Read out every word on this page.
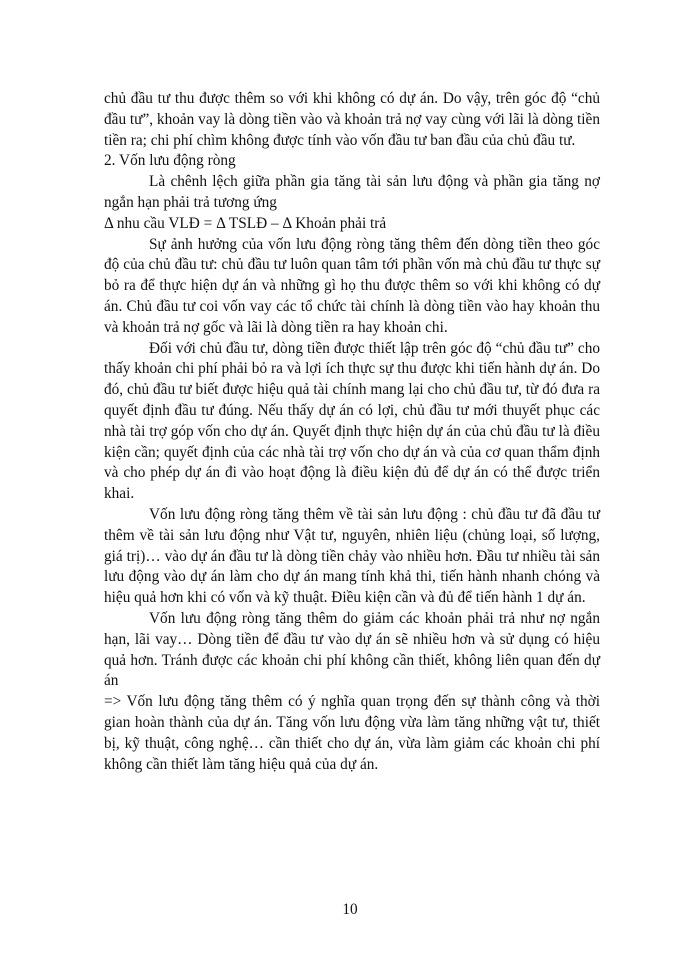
chủ đầu tư thu được thêm so với khi không có dự án. Do vậy, trên góc độ “chủ đầu tư”, khoản vay là dòng tiền vào và khoản trả nợ vay cùng với lãi là dòng tiền tiền ra; chi phí chìm không được tính vào vốn đầu tư ban đầu của chủ đầu tư.

2. Vốn lưu động ròng

Là chênh lệch giữa phần gia tăng tài sản lưu động và phần gia tăng nợ ngắn hạn phải trả tương ứng

Δ nhu cầu VLĐ = Δ TSLĐ – Δ Khoản phải trả

Sự ảnh hưởng của vốn lưu động ròng tăng thêm đến dòng tiền theo góc độ của chủ đầu tư: chủ đầu tư luôn quan tâm tới phần vốn mà chủ đầu tư thực sự bỏ ra để thực hiện dự án và những gì họ thu được thêm so với khi không có dự án. Chủ đầu tư coi vốn vay các tổ chức tài chính là dòng tiền vào hay khoản thu và khoản trả nợ gốc và lãi là dòng tiền ra hay khoản chi.

Đối với chủ đầu tư, dòng tiền được thiết lập trên góc độ “chủ đầu tư” cho thấy khoản chi phí phải bỏ ra và lợi ích thực sự thu được khi tiến hành dự án. Do đó, chủ đầu tư biết được hiệu quả tài chính mang lại cho chủ đầu tư, từ đó đưa ra quyết định đầu tư đúng. Nếu thấy dự án có lợi, chủ đầu tư mới thuyết phục các nhà tài trợ góp vốn cho dự án. Quyết định thực hiện dự án của chủ đầu tư là điều kiện cần; quyết định của các nhà tài trợ vốn cho dự án và của cơ quan thẩm định và cho phép dự án đi vào hoạt động là điều kiện đủ để dự án có thể được triển khai.

Vốn lưu động ròng tăng thêm về tài sản lưu động : chủ đầu tư đã đầu tư thêm về tài sản lưu động như Vật tư, nguyên, nhiên liệu (chủng loại, số lượng, giá trị)… vào dự án đầu tư là dòng tiền chảy vào nhiều hơn. Đầu tư nhiều tài sản lưu động vào dự án làm cho dự án mang tính khả thi, tiến hành nhanh chóng và hiệu quả hơn khi có vốn và kỹ thuật. Điều kiện cần và đủ để tiến hành 1 dự án.

Vốn lưu động ròng tăng thêm do giảm các khoản phải trả như nợ ngắn hạn, lãi vay… Dòng tiền để đầu tư vào dự án sẽ nhiều hơn và sử dụng có hiệu quả hơn. Tránh được các khoản chi phí không cần thiết, không liên quan đến dự án

=> Vốn lưu động tăng thêm có ý nghĩa quan trọng đến sự thành công và thời gian hoàn thành của dự án. Tăng vốn lưu động vừa làm tăng những vật tư, thiết bị, kỹ thuật, công nghệ… cần thiết cho dự án, vừa làm giảm các khoản chi phí không cần thiết làm tăng hiệu quả của dự án.

10
